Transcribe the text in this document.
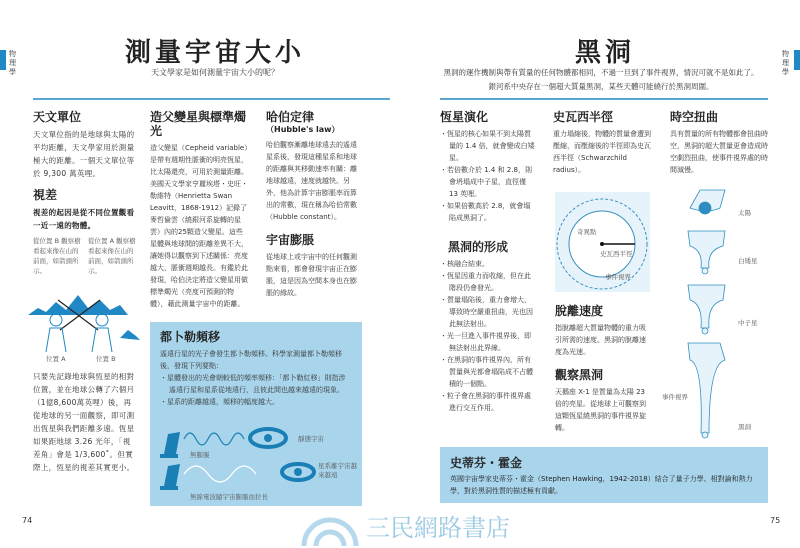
物理學
測量宇宙大小
天文學家是如何測量宇宙大小的呢？
天文單位
天文單位指的是地球與太陽的平均距離，天文學家用於測量極大的距離。一個天文單位等於 9,300 萬英哩。
視差
視差的起因是從不同位置觀看一近一遠的物體。
從位置 B 觀察樹看起來像在山的前面，如箭頭所示。
從位置 A 觀察樹看起來像在山的前面，如箭頭所示。
位置 A	位置 B
只要先記錄地球與恆星的相對位置，並在地球公轉了六個月（1億8,600萬英哩）後，再從地球的另一面觀察，即可測出恆星與我們距離多遠。恆星如果距地球 3.26 光年，「視差角」會是 1/3,600˚。但實際上，恆星的視差其實更小。
造父變星與標準燭光
造父變星（Cepheid variable）是帶有週期性脈衝的明亮恆星，比太陽還亮，可用於測量距離。美國天文學家亨麗埃塔・史旺・勒維特（Henrietta Swan Leavitt，1868-1912）記錄了麥哲倫雲（繞銀河系旋轉的星雲）內的25顆造父變星。這些星體與地球間的距離差異不大，讓她得以觀察到下述關係：亮度越大，脈衝週期越長。有鑑於此發現，哈伯決定將造父變星用做標準燭光（亮度可預測的物體），藉此測量宇宙中的距離。
哈伯定律
（Hubble's law）
哈伯觀察漸離地球遠去的遙遠星系後，發現這種星系和地球的距離與其移動速率有關：離地球越遠，速度就越快。另外，他為計算宇宙膨脹率而算出的常數，現在稱為哈伯常數（Hubble constant）。
宇宙膨脹
從地球上或宇宙中的任何觀測點來看，都會發現宇宙正在膨脹，這是因為空間本身也在膨脹的緣故。
都卜勒頻移
遙遠行星的光子會發生都卜勒頻移。科學家測量都卜勒頻移後，發現下列要點：
・ 星體發出的光會朝較低的頻率頻移：「都卜勒紅移」則指涉遙遠行星和星系從地遠行，且彼此間也越來越遠的現象。
・ 星系的距離越遠，頻移的幅度越大。
靜態宇宙
無膨脹
星系離宇宙越來越遠
無線電波隨宇宙膨脹而拉長
74
黑洞
黑洞的運作機制與帶有質量的任何物體都相同，不過一旦到了事件視界，情況可就不是如此了。
銀河系中央存在一個超大質量黑洞，某些天體可能繞行於黑洞周圍。
物理學
恆星演化
・ 恆星的核心如果不到太陽質量的 1.4 倍，就會變成白矮星。
・ 若倍數介於 1.4 和 2.8，則會坍塌成中子星，直徑僅 13 英哩。
・ 如果倍數高於 2.8，就會塌陷成黑洞了。
黑洞的形成
・ 核融合結束。
・ 恆星因重力而收縮，但在此階段仍會發光。
・ 質量塌陷後，重力會增大，導致時空嚴重扭曲，光也因此無法射出。
・ 光一旦進入事件視界後，即無法射出此界線。
・ 在黑洞的事件視界內，所有質量與光都會塌陷成不占體積的一個點。
・ 粒子會在黑洞的事件視界處進行交互作用。
史瓦西半徑
重力塌縮後，物體的質量會遭到壓縮，而壓縮後的半徑即為史瓦西半徑（Schwarzchild radius）。
奇異點
史瓦西半徑
事件視界
脫離速度
指脫離超大質量物體的重力吸引所需的速度。黑洞的脫離速度為光速。
觀察黑洞
天鵝座 X-1 是質量為太陽 23 倍的亮星。從地球上可觀察到這顆恆星繞黑洞的事件視界旋轉。
時空扭曲
具有質量的所有物體都會扭曲時空，黑洞的超大質量更會造成時空劇烈扭曲，使事件視界處的時間減慢。
太陽
白矮星
中子星
黑洞
事件視界
史蒂芬・霍金
英國宇宙學家史蒂芬・霍金（Stephen Hawking，1942-2018）結合了量子力學、相對論和熱力學，對於黑洞性質的描述極有貢獻。
75
三民網路書店
